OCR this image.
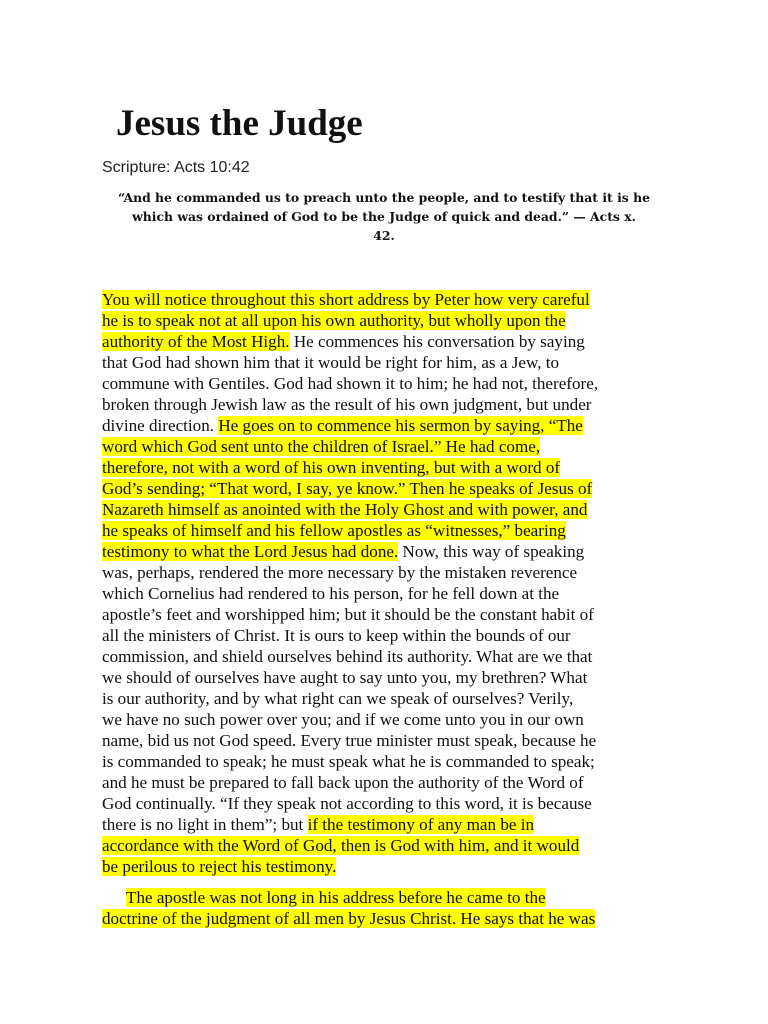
Jesus the Judge
Scripture: Acts 10:42
“And he commanded us to preach unto the people, and to testify that it is he
which was ordained of God to be the Judge of quick and dead.” — Acts x.
42.
You will notice throughout this short address by Peter how very careful
he is to speak not at all upon his own authority, but wholly upon the
authority of the Most High. He commences his conversation by saying
that God had shown him that it would be right for him, as a Jew, to
commune with Gentiles. God had shown it to him; he had not, therefore,
broken through Jewish law as the result of his own judgment, but under
divine direction. He goes on to commence his sermon by saying, “The
word which God sent unto the children of Israel.” He had come,
therefore, not with a word of his own inventing, but with a word of
God’s sending; “That word, I say, ye know.” Then he speaks of Jesus of
Nazareth himself as anointed with the Holy Ghost and with power, and
he speaks of himself and his fellow apostles as “witnesses,” bearing
testimony to what the Lord Jesus had done. Now, this way of speaking
was, perhaps, rendered the more necessary by the mistaken reverence
which Cornelius had rendered to his person, for he fell down at the
apostle’s feet and worshipped him; but it should be the constant habit of
all the ministers of Christ. It is ours to keep within the bounds of our
commission, and shield ourselves behind its authority. What are we that
we should of ourselves have aught to say unto you, my brethren? What
is our authority, and by what right can we speak of ourselves? Verily,
we have no such power over you; and if we come unto you in our own
name, bid us not God speed. Every true minister must speak, because he
is commanded to speak; he must speak what he is commanded to speak;
and he must be prepared to fall back upon the authority of the Word of
God continually. “If they speak not according to this word, it is because
there is no light in them”; but if the testimony of any man be in
accordance with the Word of God, then is God with him, and it would
be perilous to reject his testimony.
The apostle was not long in his address before he came to the
doctrine of the judgment of all men by Jesus Christ. He says that he was
